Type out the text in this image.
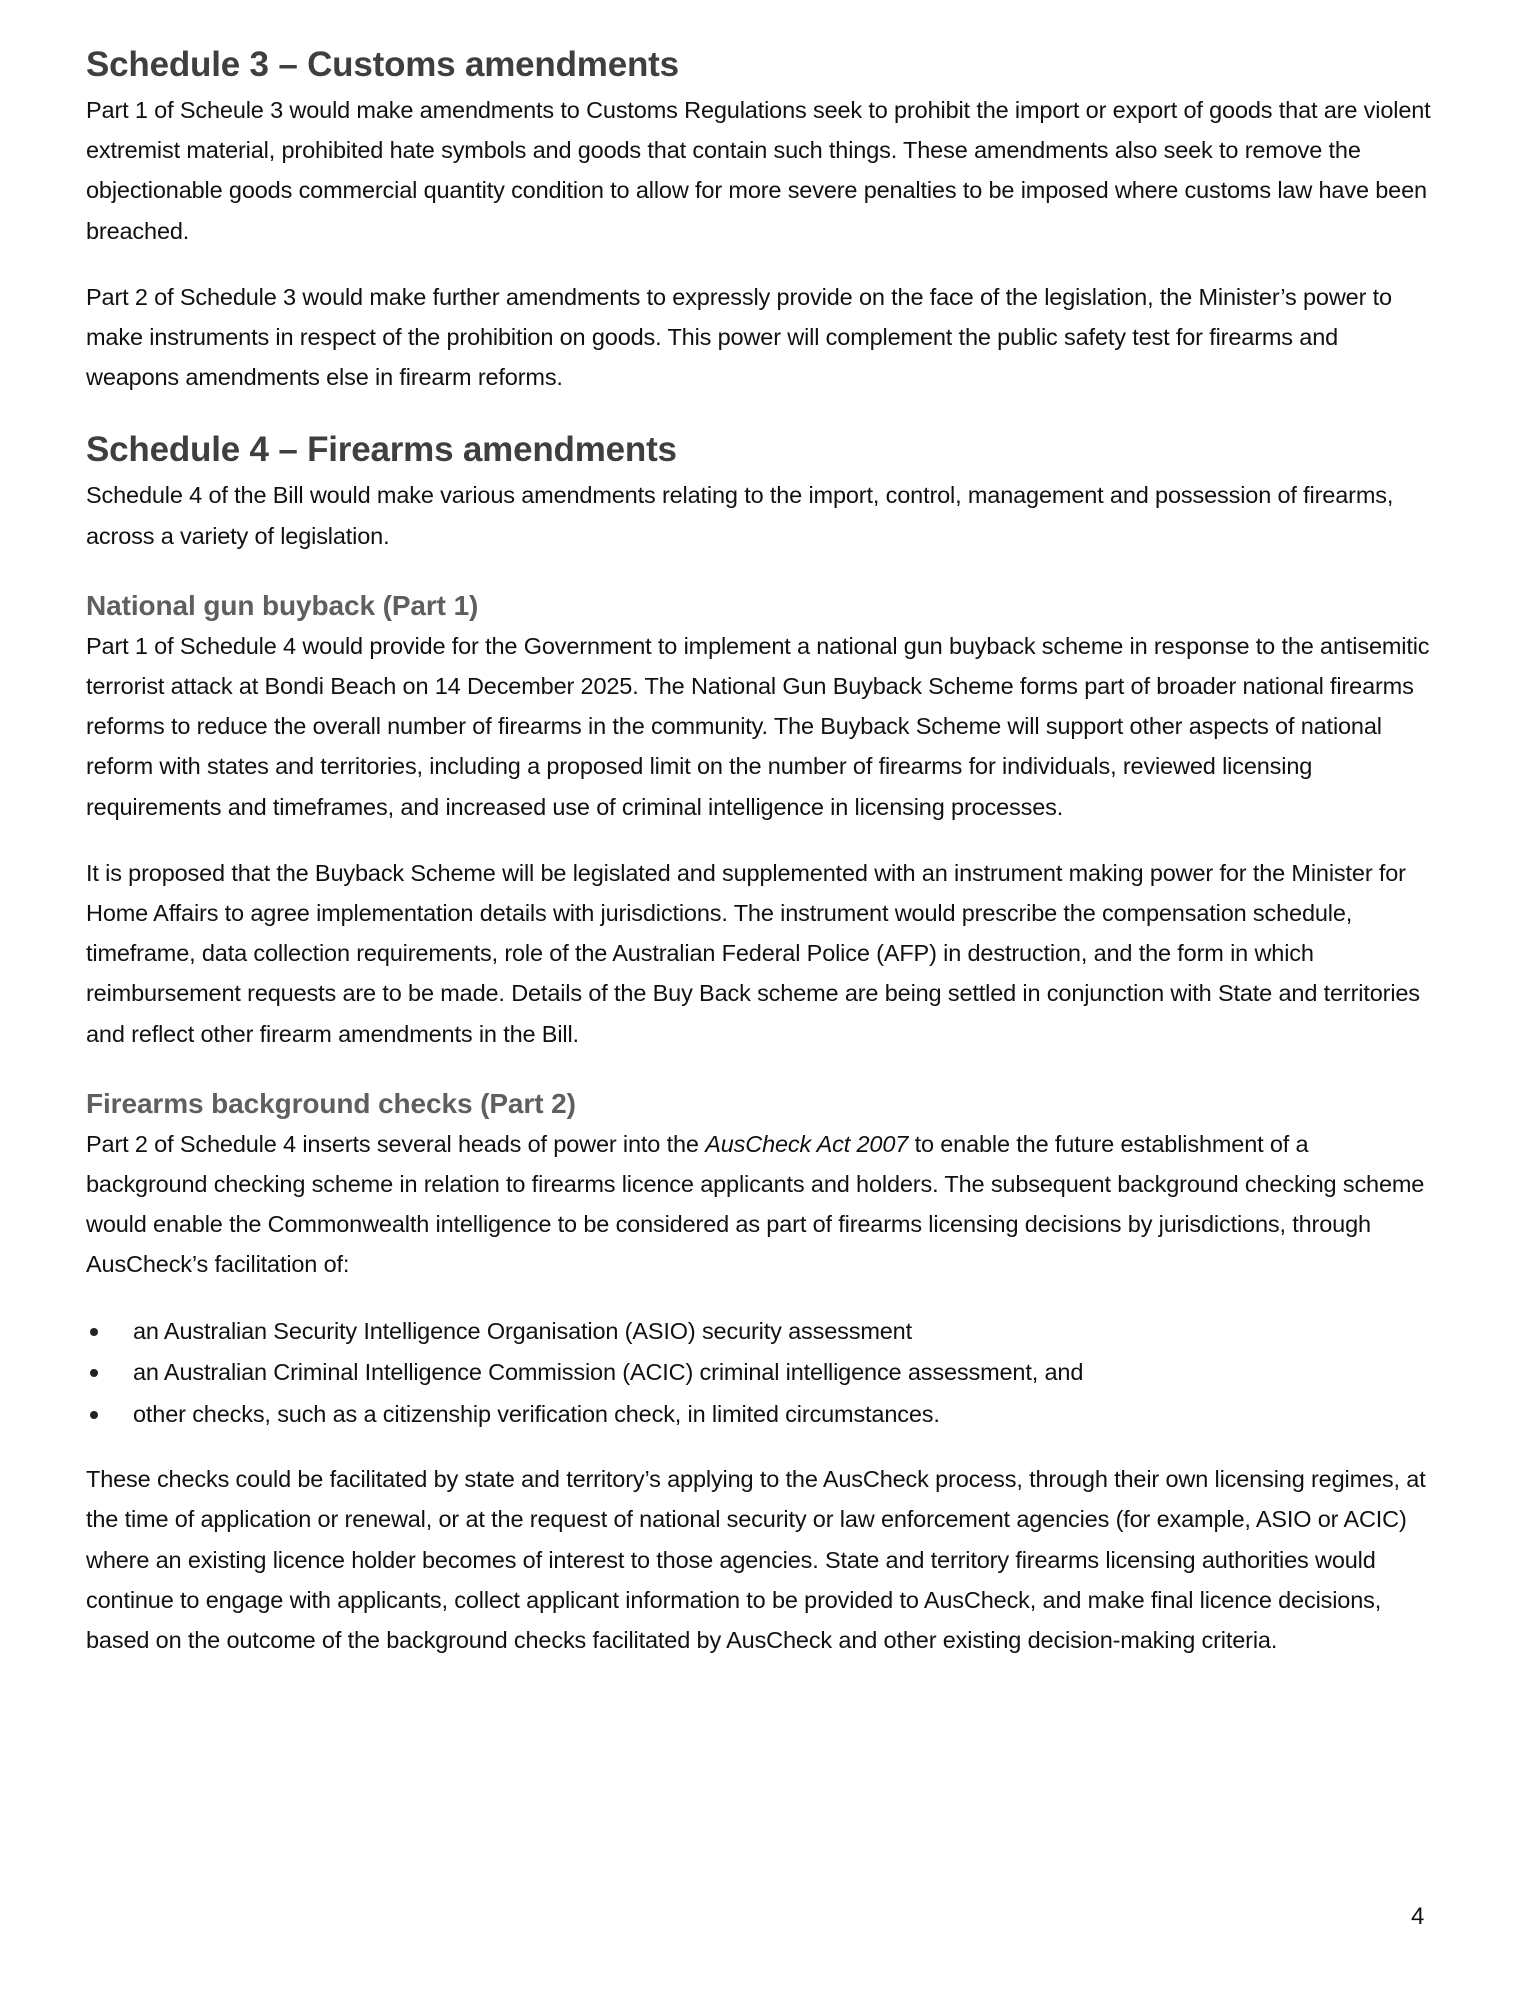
Schedule 3 – Customs amendments

Part 1 of Scheule 3 would make amendments to Customs Regulations seek to prohibit the import or export of goods that are violent extremist material, prohibited hate symbols and goods that contain such things. These amendments also seek to remove the objectionable goods commercial quantity condition to allow for more severe penalties to be imposed where customs law have been breached.

Part 2 of Schedule 3 would make further amendments to expressly provide on the face of the legislation, the Minister’s power to make instruments in respect of the prohibition on goods. This power will complement the public safety test for firearms and weapons amendments else in firearm reforms.

Schedule 4 – Firearms amendments

Schedule 4 of the Bill would make various amendments relating to the import, control, management and possession of firearms, across a variety of legislation.

National gun buyback (Part 1)

Part 1 of Schedule 4 would provide for the Government to implement a national gun buyback scheme in response to the antisemitic terrorist attack at Bondi Beach on 14 December 2025. The National Gun Buyback Scheme forms part of broader national firearms reforms to reduce the overall number of firearms in the community. The Buyback Scheme will support other aspects of national reform with states and territories, including a proposed limit on the number of firearms for individuals, reviewed licensing requirements and timeframes, and increased use of criminal intelligence in licensing processes.

It is proposed that the Buyback Scheme will be legislated and supplemented with an instrument making power for the Minister for Home Affairs to agree implementation details with jurisdictions. The instrument would prescribe the compensation schedule, timeframe, data collection requirements, role of the Australian Federal Police (AFP) in destruction, and the form in which reimbursement requests are to be made. Details of the Buy Back scheme are being settled in conjunction with State and territories and reflect other firearm amendments in the Bill.

Firearms background checks (Part 2)

Part 2 of Schedule 4 inserts several heads of power into the AusCheck Act 2007 to enable the future establishment of a background checking scheme in relation to firearms licence applicants and holders. The subsequent background checking scheme would enable the Commonwealth intelligence to be considered as part of firearms licensing decisions by jurisdictions, through AusCheck’s facilitation of:

an Australian Security Intelligence Organisation (ASIO) security assessment
an Australian Criminal Intelligence Commission (ACIC) criminal intelligence assessment, and
other checks, such as a citizenship verification check, in limited circumstances.

These checks could be facilitated by state and territory’s applying to the AusCheck process, through their own licensing regimes, at the time of application or renewal, or at the request of national security or law enforcement agencies (for example, ASIO or ACIC) where an existing licence holder becomes of interest to those agencies. State and territory firearms licensing authorities would continue to engage with applicants, collect applicant information to be provided to AusCheck, and make final licence decisions, based on the outcome of the background checks facilitated by AusCheck and other existing decision-making criteria.

4
